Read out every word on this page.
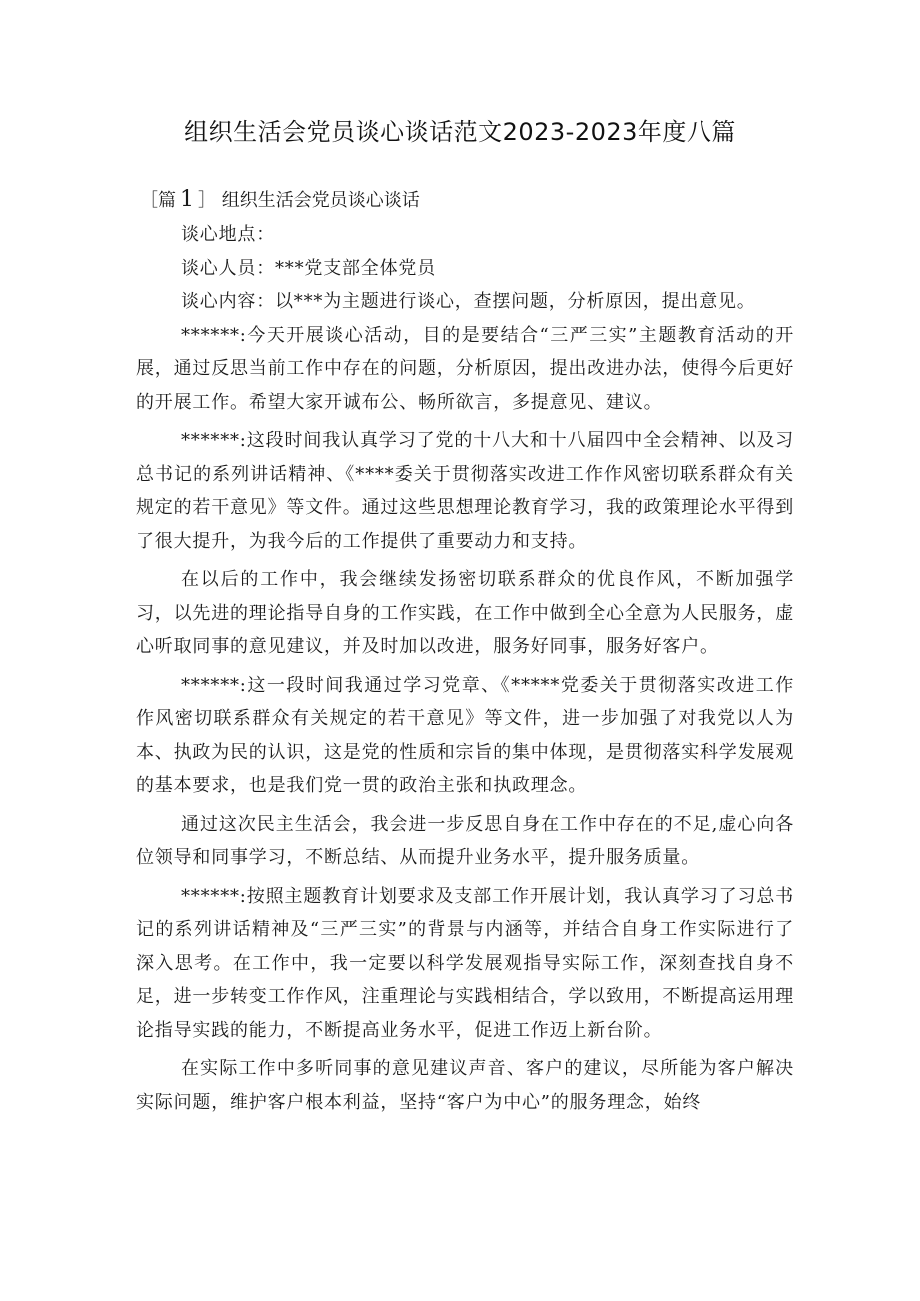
组织生活会党员谈心谈话范文2023-2023年度八篇
［篇 1 ］ 组织生活会党员谈心谈话

谈心地点：

谈心人员：***党支部全体党员

谈心内容：以***为主题进行谈心，查摆问题，分析原因，提出意见。

******:今天开展谈心活动，目的是要结合“三严三实”主题教育活动的开展，通过反思当前工作中存在的问题，分析原因，提出改进办法，使得今后更好的开展工作。希望大家开诚布公、畅所欲言，多提意见、建议。

******:这段时间我认真学习了党的十八大和十八届四中全会精神、以及习总书记的系列讲话精神、《****委关于贯彻落实改进工作作风密切联系群众有关规定的若干意见》等文件。通过这些思想理论教育学习，我的政策理论水平得到了很大提升，为我今后的工作提供了重要动力和支持。

在以后的工作中，我会继续发扬密切联系群众的优良作风，不断加强学习，以先进的理论指导自身的工作实践，在工作中做到全心全意为人民服务，虚心听取同事的意见建议，并及时加以改进，服务好同事，服务好客户。

******:这一段时间我通过学习党章、《*****党委关于贯彻落实改进工作作风密切联系群众有关规定的若干意见》等文件，进一步加强了对我党以人为本、执政为民的认识，这是党的性质和宗旨的集中体现，是贯彻落实科学发展观的基本要求，也是我们党一贯的政治主张和执政理念。

通过这次民主生活会，我会进一步反思自身在工作中存在的不足,虚心向各位领导和同事学习，不断总结、从而提升业务水平，提升服务质量。

******:按照主题教育计划要求及支部工作开展计划，我认真学习了习总书记的系列讲话精神及“三严三实”的背景与内涵等，并结合自身工作实际进行了深入思考。在工作中，我一定要以科学发展观指导实际工作，深刻查找自身不足，进一步转变工作作风，注重理论与实践相结合，学以致用，不断提高运用理论指导实践的能力，不断提高业务水平，促进工作迈上新台阶。

在实际工作中多听同事的意见建议声音、客户的建议，尽所能为客户解决实际问题，维护客户根本利益，坚持“客户为中心”的服务理念，始终
